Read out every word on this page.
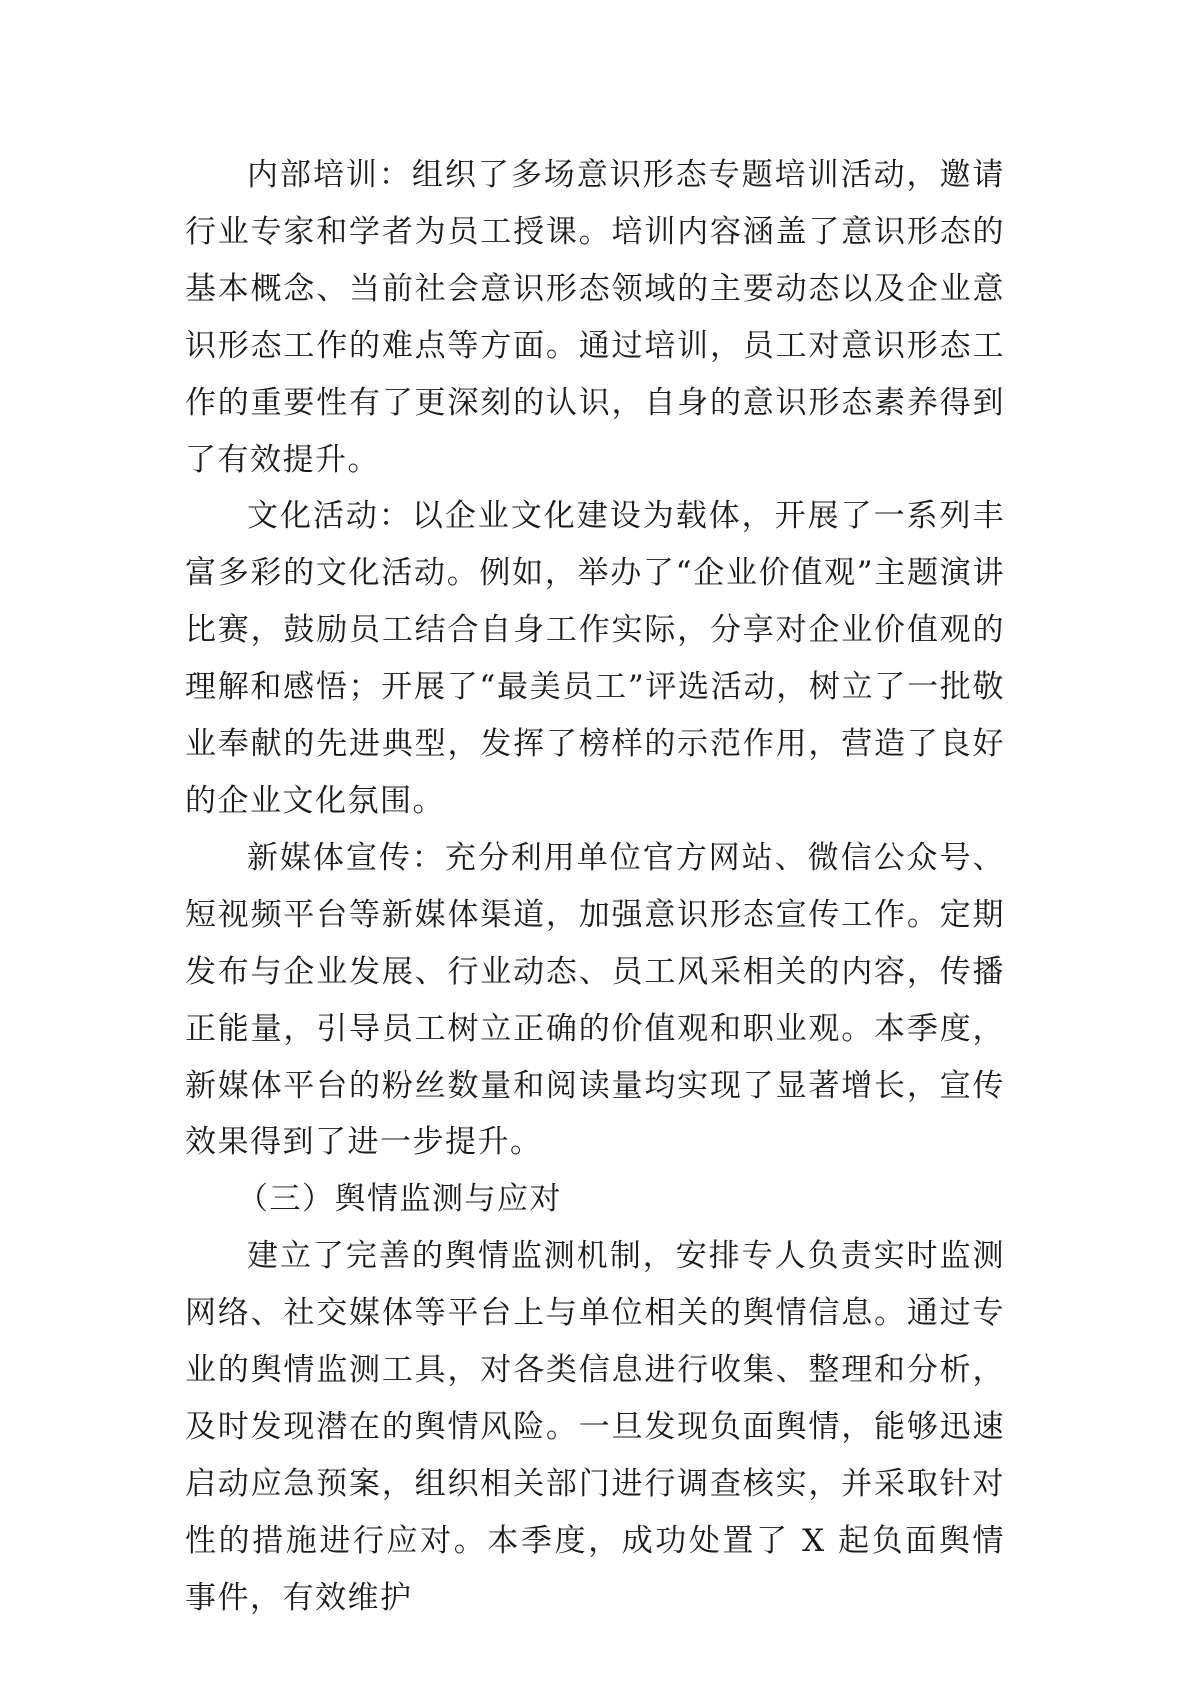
内部培训：组织了多场意识形态专题培训活动，邀请行业专家和学者为员工授课。培训内容涵盖了意识形态的基本概念、当前社会意识形态领域的主要动态以及企业意识形态工作的难点等方面。通过培训，员工对意识形态工作的重要性有了更深刻的认识，自身的意识形态素养得到了有效提升。

文化活动：以企业文化建设为载体，开展了一系列丰富多彩的文化活动。例如，举办了“企业价值观”主题演讲比赛，鼓励员工结合自身工作实际，分享对企业价值观的理解和感悟；开展了“最美员工”评选活动，树立了一批敬业奉献的先进典型，发挥了榜样的示范作用，营造了良好的企业文化氛围。

新媒体宣传：充分利用单位官方网站、微信公众号、短视频平台等新媒体渠道，加强意识形态宣传工作。定期发布与企业发展、行业动态、员工风采相关的内容，传播正能量，引导员工树立正确的价值观和职业观。本季度，新媒体平台的粉丝数量和阅读量均实现了显著增长，宣传效果得到了进一步提升。

（三）舆情监测与应对

建立了完善的舆情监测机制，安排专人负责实时监测网络、社交媒体等平台上与单位相关的舆情信息。通过专业的舆情监测工具，对各类信息进行收集、整理和分析，及时发现潜在的舆情风险。一旦发现负面舆情，能够迅速启动应急预案，组织相关部门进行调查核实，并采取针对性的措施进行应对。本季度，成功处置了 X 起负面舆情事件，有效维护
